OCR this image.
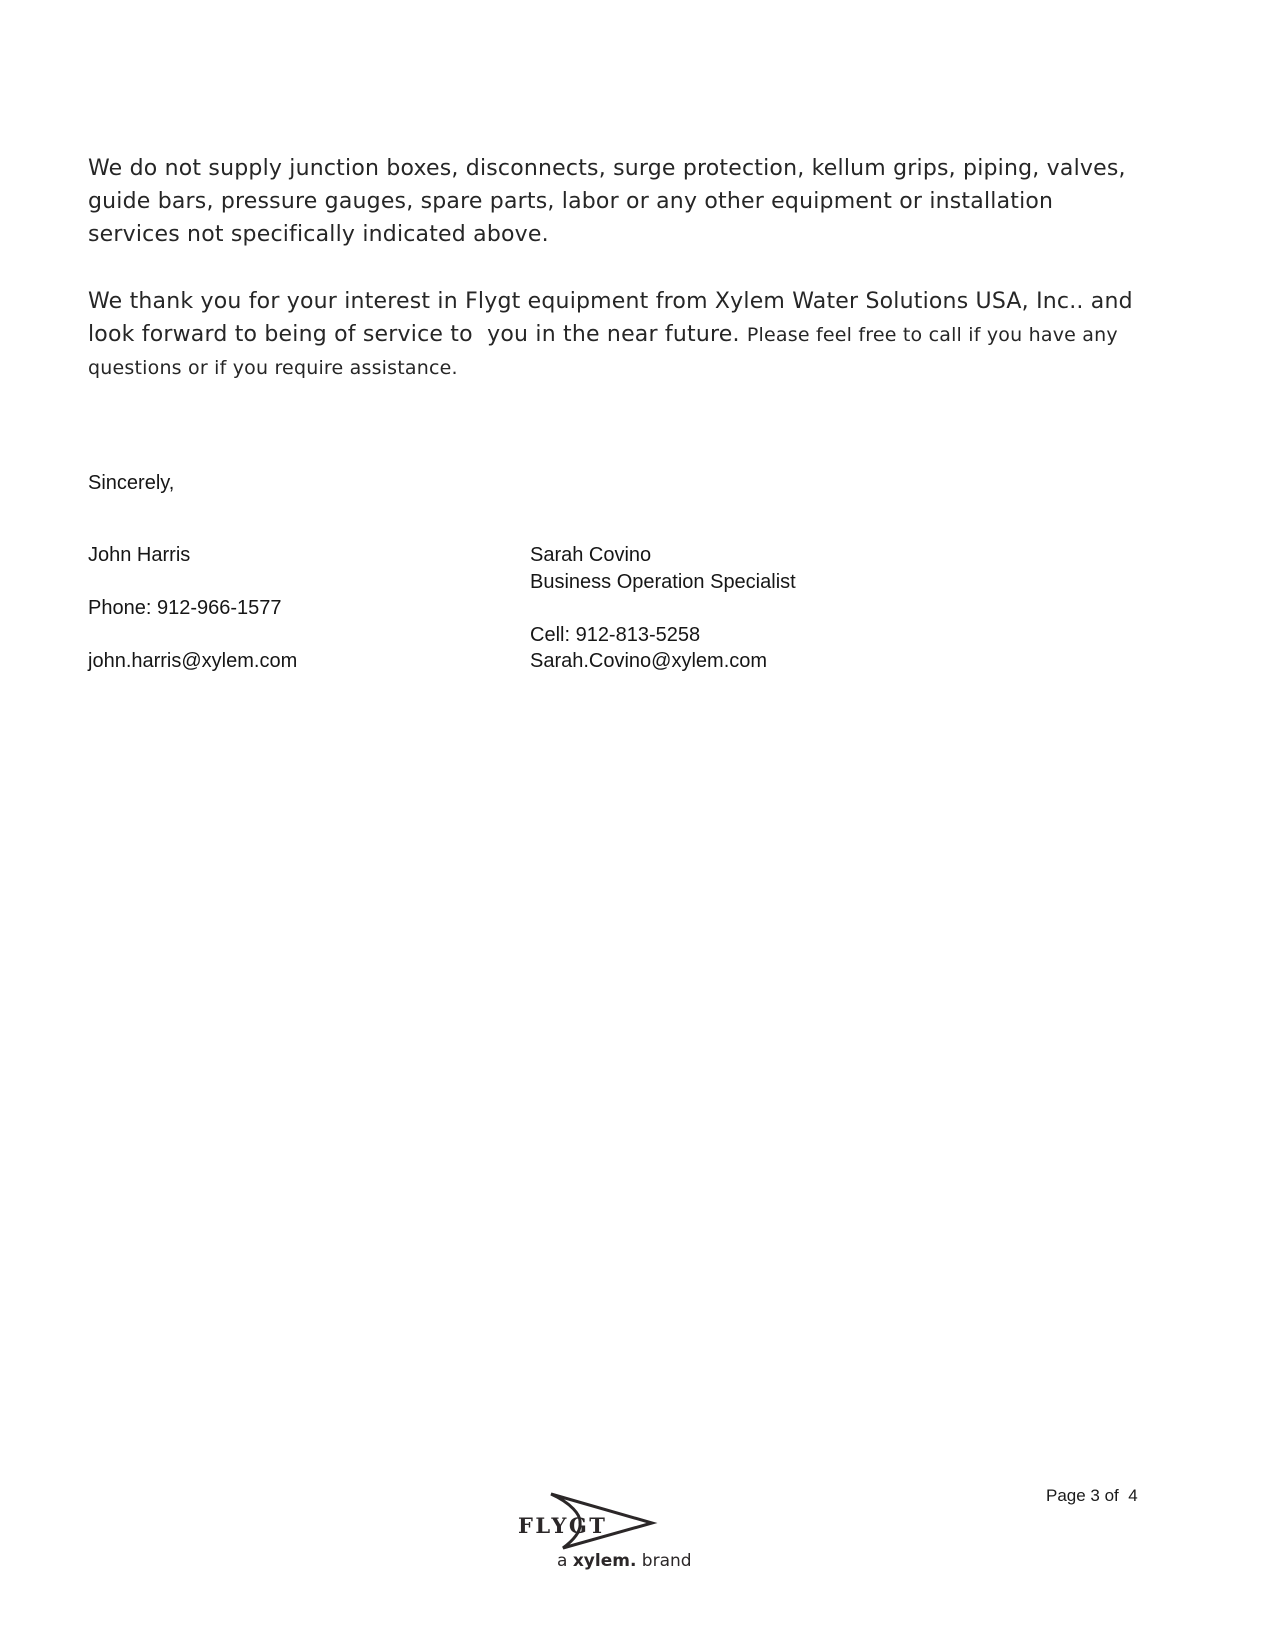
We do not supply junction boxes, disconnects, surge protection, kellum grips, piping, valves,
guide bars, pressure gauges, spare parts, labor or any other equipment or installation
services not specifically indicated above.
We thank you for your interest in Flygt equipment from Xylem Water Solutions USA, Inc.. and
look forward to being of service to  you in the near future. Please feel free to call if you have any
questions or if you require assistance.
Sincerely,
John Harris
Phone: 912-966-1577
john.harris@xylem.com
Sarah Covino
Business Operation Specialist
Cell: 912-813-5258
Sarah.Covino@xylem.com
FLYGT
a xylem. brand
Page 3 of  4
